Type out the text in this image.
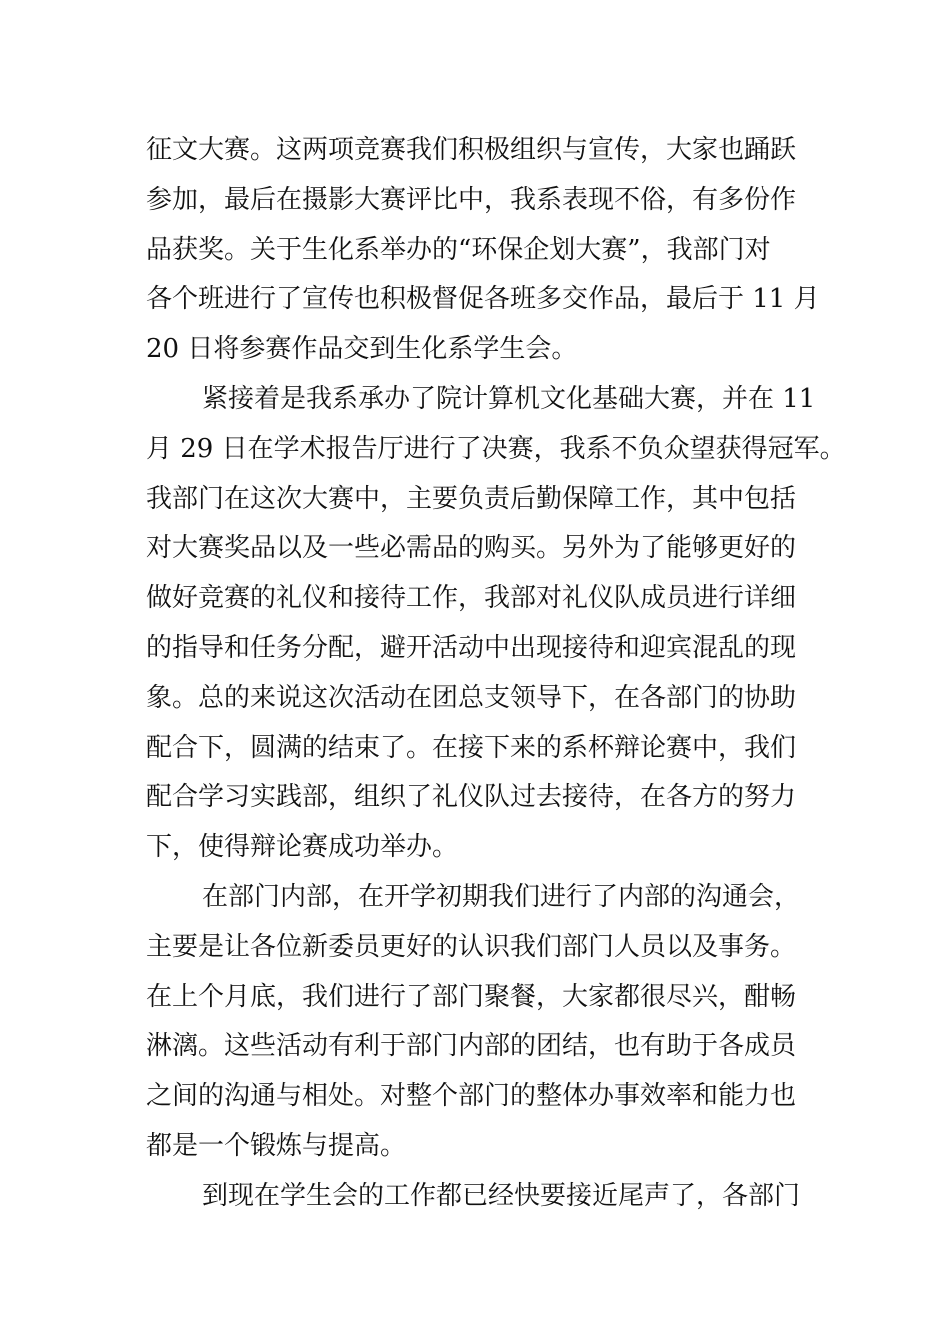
征文大赛。这两项竞赛我们积极组织与宣传，大家也踊跃
参加，最后在摄影大赛评比中，我系表现不俗，有多份作
品获奖。关于生化系举办的“环保企划大赛”，我部门对
各个班进行了宣传也积极督促各班多交作品，最后于 11 月
20 日将参赛作品交到生化系学生会。
紧接着是我系承办了院计算机文化基础大赛，并在 11
月 29 日在学术报告厅进行了决赛，我系不负众望获得冠军。
我部门在这次大赛中，主要负责后勤保障工作，其中包括
对大赛奖品以及一些必需品的购买。另外为了能够更好的
做好竞赛的礼仪和接待工作，我部对礼仪队成员进行详细
的指导和任务分配，避开活动中出现接待和迎宾混乱的现
象。总的来说这次活动在团总支领导下，在各部门的协助
配合下，圆满的结束了。在接下来的系杯辩论赛中，我们
配合学习实践部，组织了礼仪队过去接待，在各方的努力
下，使得辩论赛成功举办。
在部门内部，在开学初期我们进行了内部的沟通会，
主要是让各位新委员更好的认识我们部门人员以及事务。
在上个月底，我们进行了部门聚餐，大家都很尽兴，酣畅
淋漓。这些活动有利于部门内部的团结，也有助于各成员
之间的沟通与相处。对整个部门的整体办事效率和能力也
都是一个锻炼与提高。
到现在学生会的工作都已经快要接近尾声了，各部门
